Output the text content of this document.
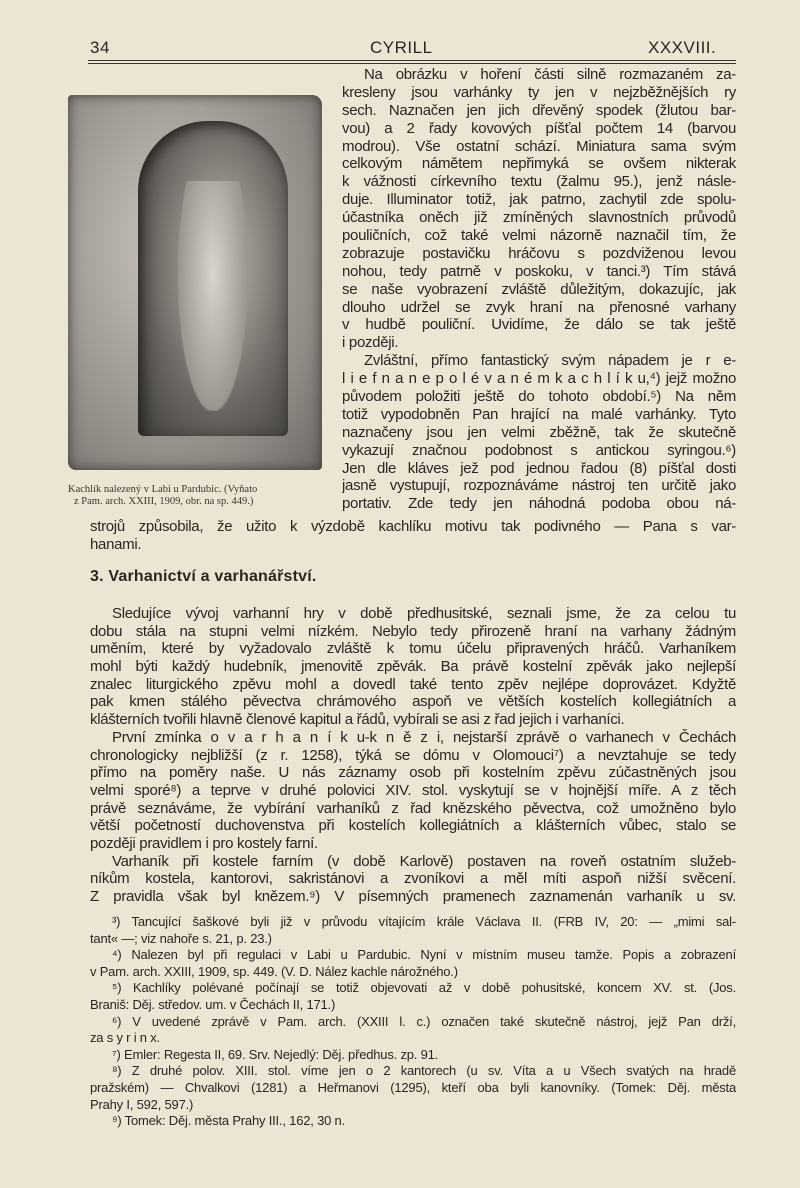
34	CYRILL	XXXVIII.
Kachlík nalezený v Labi u Pardubic. (Vyňato
z Pam. arch. XXIII, 1909, obr. na sp. 449.)
Na obrázku v hoření části silně rozmazaném za-
kresleny jsou varhánky ty jen v nejzběžnějších ry
sech. Naznačen jen jich dřevěný spodek (žlutou bar-
vou) a 2 řady kovových píšťal počtem 14 (barvou
modrou). Vše ostatní schází. Miniatura sama svým
celkovým námětem nepřimyká se ovšem nikterak
k vážnosti církevního textu (žalmu 95.), jenž násle-
duje. Illuminator totiž, jak patrno, zachytil zde spolu-
účastníka oněch již zmíněných slavnostních průvodů
pouličních, což také velmi názorně naznačil tím, že
zobrazuje postavičku hráčovu s pozdviženou levou
nohou, tedy patrně v poskoku, v tanci.³) Tím stává
se naše vyobrazení zvláště důležitým, dokazujíc, jak
dlouho udržel se zvyk hraní na přenosné varhany
v hudbě pouliční. Uvidíme, že dálo se tak ještě
i později.
Zvláštní, přímo fantastický svým nápadem je r e-
l i e f n a n e p o l é v a n é m k a c h l í k u,⁴) jejž možno
původem položiti ještě do tohoto období.⁵) Na něm
totiž vypodobněn Pan hrající na malé varhánky. Tyto
naznačeny jsou jen velmi zběžně, tak že skutečně
vykazují značnou podobnost s antickou syringou.⁶)
Jen dle kláves jež pod jednou řadou (8) píšťal dosti
jasně vystupují, rozpoznáváme nástroj ten určitě jako
portativ. Zde tedy jen náhodná podoba obou ná-
strojů způsobila, že užito k výzdobě kachlíku motivu tak podivného — Pana s var-
hanami.
3. Varhanictví a varhanářství.
Sledujíce vývoj varhanní hry v době předhusitské, seznali jsme, že za celou tu
dobu stála na stupni velmi nízkém. Nebylo tedy přirozeně hraní na varhany žádným
uměním, které by vyžadovalo zvláště k tomu účelu připravených hráčů. Varhaníkem
mohl býti každý hudebník, jmenovitě zpěvák. Ba právě kostelní zpěvák jako nejlepší
znalec liturgického zpěvu mohl a dovedl také tento zpěv nejlépe doprovázet. Kdyžtě
pak kmen stálého pěvectva chrámového aspoň ve větších kostelích kollegiátních a
klášterních tvořili hlavně členové kapitul a řádů, vybírali se asi z řad jejich i varhaníci.
První zmínka o v a r h a n í k u-k n ě z i, nejstarší zprávě o varhanech v Čechách
chronologicky nejbližší (z r. 1258), týká se dómu v Olomouci⁷) a nevztahuje se tedy
přímo na poměry naše. U nás záznamy osob při kostelním zpěvu zúčastněných jsou
velmi sporé⁸) a teprve v druhé polovici XIV. stol. vyskytují se v hojnější míře. A z těch
právě seznáváme, že vybírání varhaníků z řad knězského pěvectva, což umožněno bylo
větší početností duchovenstva při kostelích kollegiátních a klášterních vůbec, stalo se
později pravidlem i pro kostely farní.
Varhaník při kostele farním (v době Karlově) postaven na roveň ostatním služeb-
níkům kostela, kantorovi, sakristánovi a zvoníkovi a měl míti aspoň nižší svěcení.
Z pravidla však byl knězem.⁹) V písemných pramenech zaznamenán varhaník u sv.
³) Tancující šaškové byli již v průvodu vítajícím krále Václava II. (FRB IV, 20: — „mimi sal-
tant« —; viz nahoře s. 21, p. 23.)
⁴) Nalezen byl při regulaci v Labi u Pardubic. Nyní v místním museu tamže. Popis a zobrazení
v Pam. arch. XXIII, 1909, sp. 449. (V. D. Nález kachle nárožného.)
⁵) Kachlíky polévané počínají se totiž objevovati až v době pohusitské, koncem XV. st. (Jos.
Braniš: Děj. středov. um. v Čechách II, 171.)
⁶) V uvedené zprávě v Pam. arch. (XXIII l. c.) označen také skutečně nástroj, jejž Pan drží,
za s y r i n x.
⁷) Emler: Regesta II, 69. Srv. Nejedlý: Děj. předhus. zp. 91.
⁸) Z druhé polov. XIII. stol. víme jen o 2 kantorech (u sv. Víta a u Všech svatých na hradě
pražském) — Chvalkovi (1281) a Heřmanovi (1295), kteří oba byli kanovníky. (Tomek: Děj. města
Prahy I, 592, 597.)
⁹) Tomek: Děj. města Prahy III., 162, 30 n.
